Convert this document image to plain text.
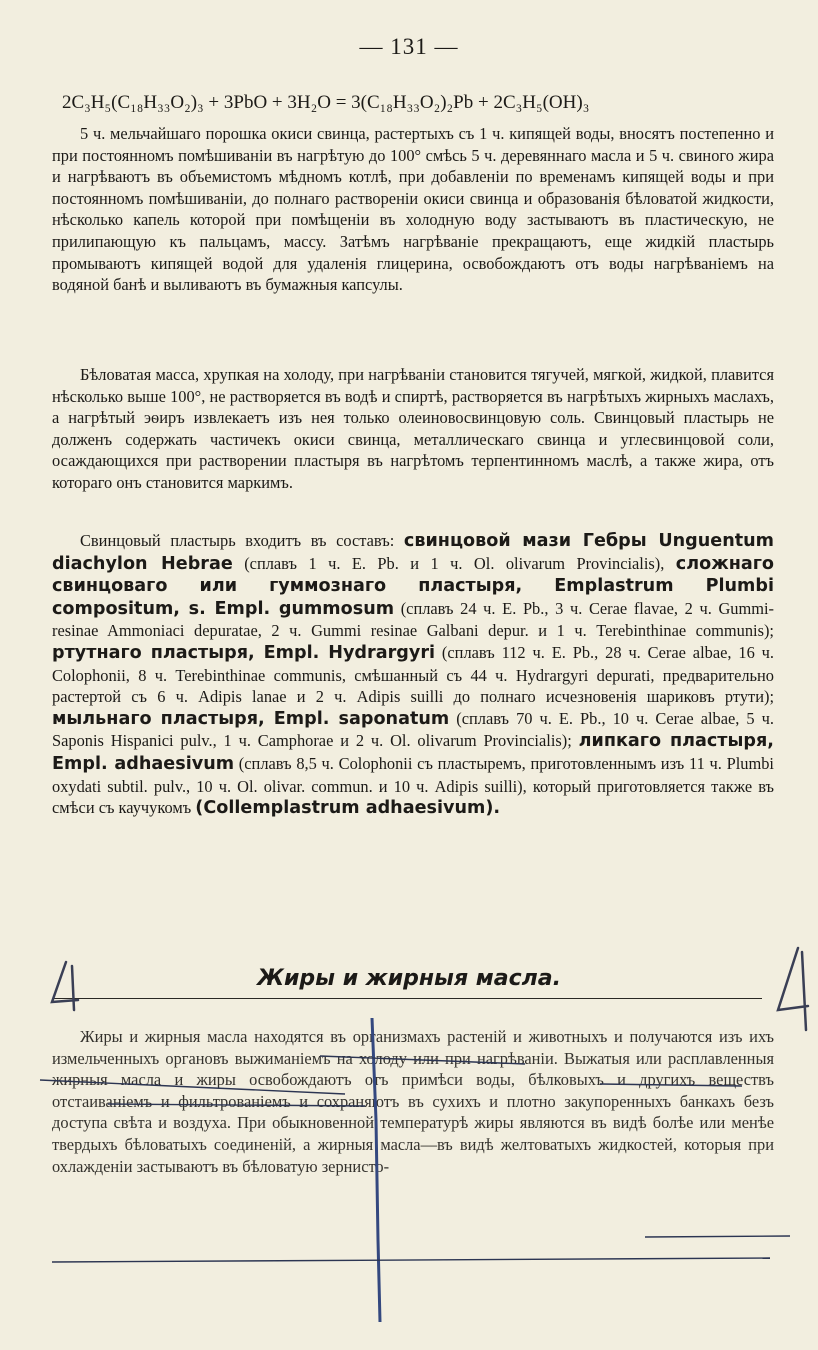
— 131 —
2C₃H₅(C₁₈H₃₃O₂)₃ + 3PbO + 3H₂O = 3(C₁₈H₃₃O₂)₂Pb + 2C₃H₅(OH)₃

5 ч. мельчайшаго порошка окиси свинца, растертыхъ съ 1 ч. кипящей воды, вносятъ постепенно и при постоянномъ помѣшиваніи въ нагрѣтую до 100° смѣсь 5 ч. деревяннаго масла и 5 ч. свиного жира и нагрѣваютъ въ объемистомъ мѣдномъ котлѣ, при добавленіи по временамъ кипящей воды и при постоянномъ помѣшиваніи, до полнаго раствореніи окиси свинца и образованія бѣловатой жидкости, нѣсколько капель которой при помѣщеніи въ холодную воду застываютъ въ пластическую, не прилипающую къ пальцамъ, массу. Затѣмъ нагрѣваніе прекращаютъ, еще жидкій пластырь промываютъ кипящей водой для удаленія глицерина, освобождаютъ отъ воды нагрѣваніемъ на водяной банѣ и выливаютъ въ бумажныя капсулы.

Бѣловатая масса, хрупкая на холоду, при нагрѣваніи становится тягучей, мягкой, жидкой, плавится нѣсколько выше 100°, не растворяется въ водѣ и спиртѣ, растворяется въ нагрѣтыхъ жирныхъ маслахъ, а нагрѣтый эѳиръ извлекаетъ изъ нея только олеиновосвинцовую соль. Свинцовый пластырь не долженъ содержать частичекъ окиси свинца, металлическаго свинца и углесвинцовой соли, осаждающихся при растворении пластыря въ нагрѣтомъ терпентинномъ маслѣ, а также жира, отъ котораго онъ становится маркимъ.

Свинцовый пластырь входитъ въ составъ: свинцовой мази Гебры Unguentum diachylon Hebrae (сплавъ 1 ч. E. Pb. и 1 ч. Ol. olivarum Provincialis), сложнаго свинцоваго или гуммознаго пластыря, Emplastrum Plumbi compositum, s. Empl. gummosum (сплавъ 24 ч. E. Pb., 3 ч. Cerae flavae, 2 ч. Gummi-resinae Ammoniaci depuratae, 2 ч. Gummi resinae Galbani depur. и 1 ч. Terebinthinae communis); ртутнаго пластыря, Empl. Hydrargyri (сплавъ 112 ч. E. Pb., 28 ч. Cerae albae, 16 ч. Colophonii, 8 ч. Terebinthinae communis, смѣшанный съ 44 ч. Hydrargyri depurati, предварительно растертой съ 6 ч. Adipis lanae и 2 ч. Adipis suilli до полнаго исчезновенія шариковъ ртути); мыльнаго пластыря, Empl. saponatum (сплавъ 70 ч. E. Pb., 10 ч. Cerae albae, 5 ч. Saponis Hispanici pulv., 1 ч. Camphorae и 2 ч. Ol. olivarum Provincialis); липкаго пластыря, Empl. adhaesivum (сплавъ 8,5 ч. Colophonii съ пластыремъ, приготовленнымъ изъ 11 ч. Plumbi oxydati subtil. pulv., 10 ч. Ol. olivar. commun. и 10 ч. Adipis suilli), который приготовляется также въ смѣси съ каучукомъ (Collemplastrum adhaesivum).

Жиры и жирныя масла.

Жиры и жирныя масла находятся въ организмахъ растеній и животныхъ и получаются изъ ихъ измельченныхъ органовъ выжиманіемъ на холоду или при нагрѣваніи. Выжатыя или расплавленныя жирныя масла и жиры освобождаютъ отъ примѣси воды, бѣлковыхъ и другихъ веществъ отстаиваніемъ и фильтрованіемъ и сохраняютъ въ сухихъ и плотно закупоренныхъ банкахъ безъ доступа свѣта и воздуха. При обыкновенной температурѣ жиры являются въ видѣ болѣе или менѣе твердыхъ бѣловатыхъ соединеній, а жирныя масла—въ видѣ желтоватыхъ жидкостей, которыя при охлажденіи застываютъ въ бѣловатую зернисто-
